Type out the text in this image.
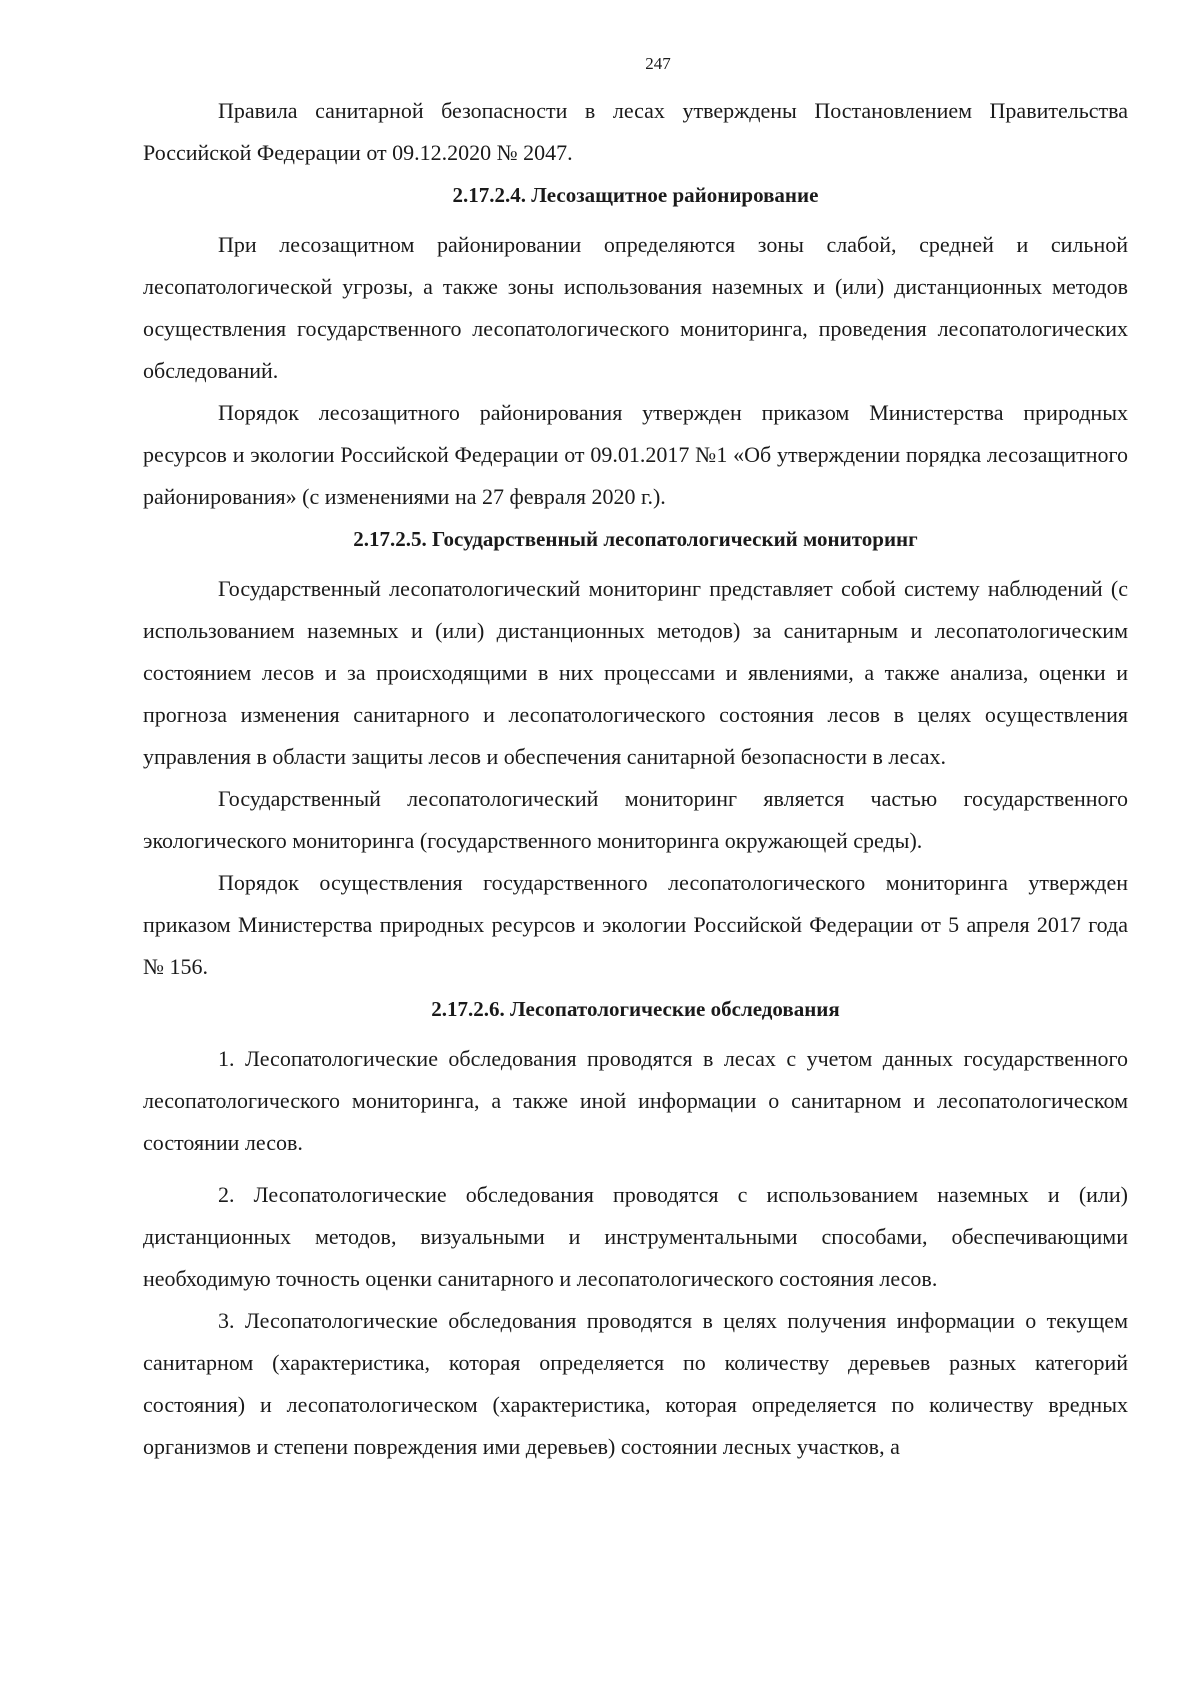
247

Правила санитарной безопасности в лесах утверждены Постановлением Правительства Российской Федерации от 09.12.2020 № 2047.

2.17.2.4. Лесозащитное районирование

При лесозащитном районировании определяются зоны слабой, средней и сильной лесопатологической угрозы, а также зоны использования наземных и (или) дистанционных методов осуществления государственного лесопатологического мониторинга, проведения лесопатологических обследований.

Порядок лесозащитного районирования утвержден приказом Министерства природных ресурсов и экологии Российской Федерации от 09.01.2017 №1 «Об утверждении порядка лесозащитного районирования» (с изменениями на 27 февраля 2020 г.).

2.17.2.5. Государственный лесопатологический мониторинг

Государственный лесопатологический мониторинг представляет собой систему наблюдений (с использованием наземных и (или) дистанционных методов) за санитарным и лесопатологическим состоянием лесов и за происходящими в них процессами и явлениями, а также анализа, оценки и прогноза изменения санитарного и лесопатологического состояния лесов в целях осуществления управления в области защиты лесов и обеспечения санитарной безопасности в лесах.

Государственный лесопатологический мониторинг является частью государственного экологического мониторинга (государственного мониторинга окружающей среды).

Порядок осуществления государственного лесопатологического мониторинга утвержден приказом Министерства природных ресурсов и экологии Российской Федерации от 5 апреля 2017 года № 156.

2.17.2.6. Лесопатологические обследования

1. Лесопатологические обследования проводятся в лесах с учетом данных государственного лесопатологического мониторинга, а также иной информации о санитарном и лесопатологическом состоянии лесов.

2. Лесопатологические обследования проводятся с использованием наземных и (или) дистанционных методов, визуальными и инструментальными способами, обеспечивающими необходимую точность оценки санитарного и лесопатологического состояния лесов.

3. Лесопатологические обследования проводятся в целях получения информации о текущем санитарном (характеристика, которая определяется по количеству деревьев разных категорий состояния) и лесопатологическом (характеристика, которая определяется по количеству вредных организмов и степени повреждения ими деревьев) состоянии лесных участков, а
